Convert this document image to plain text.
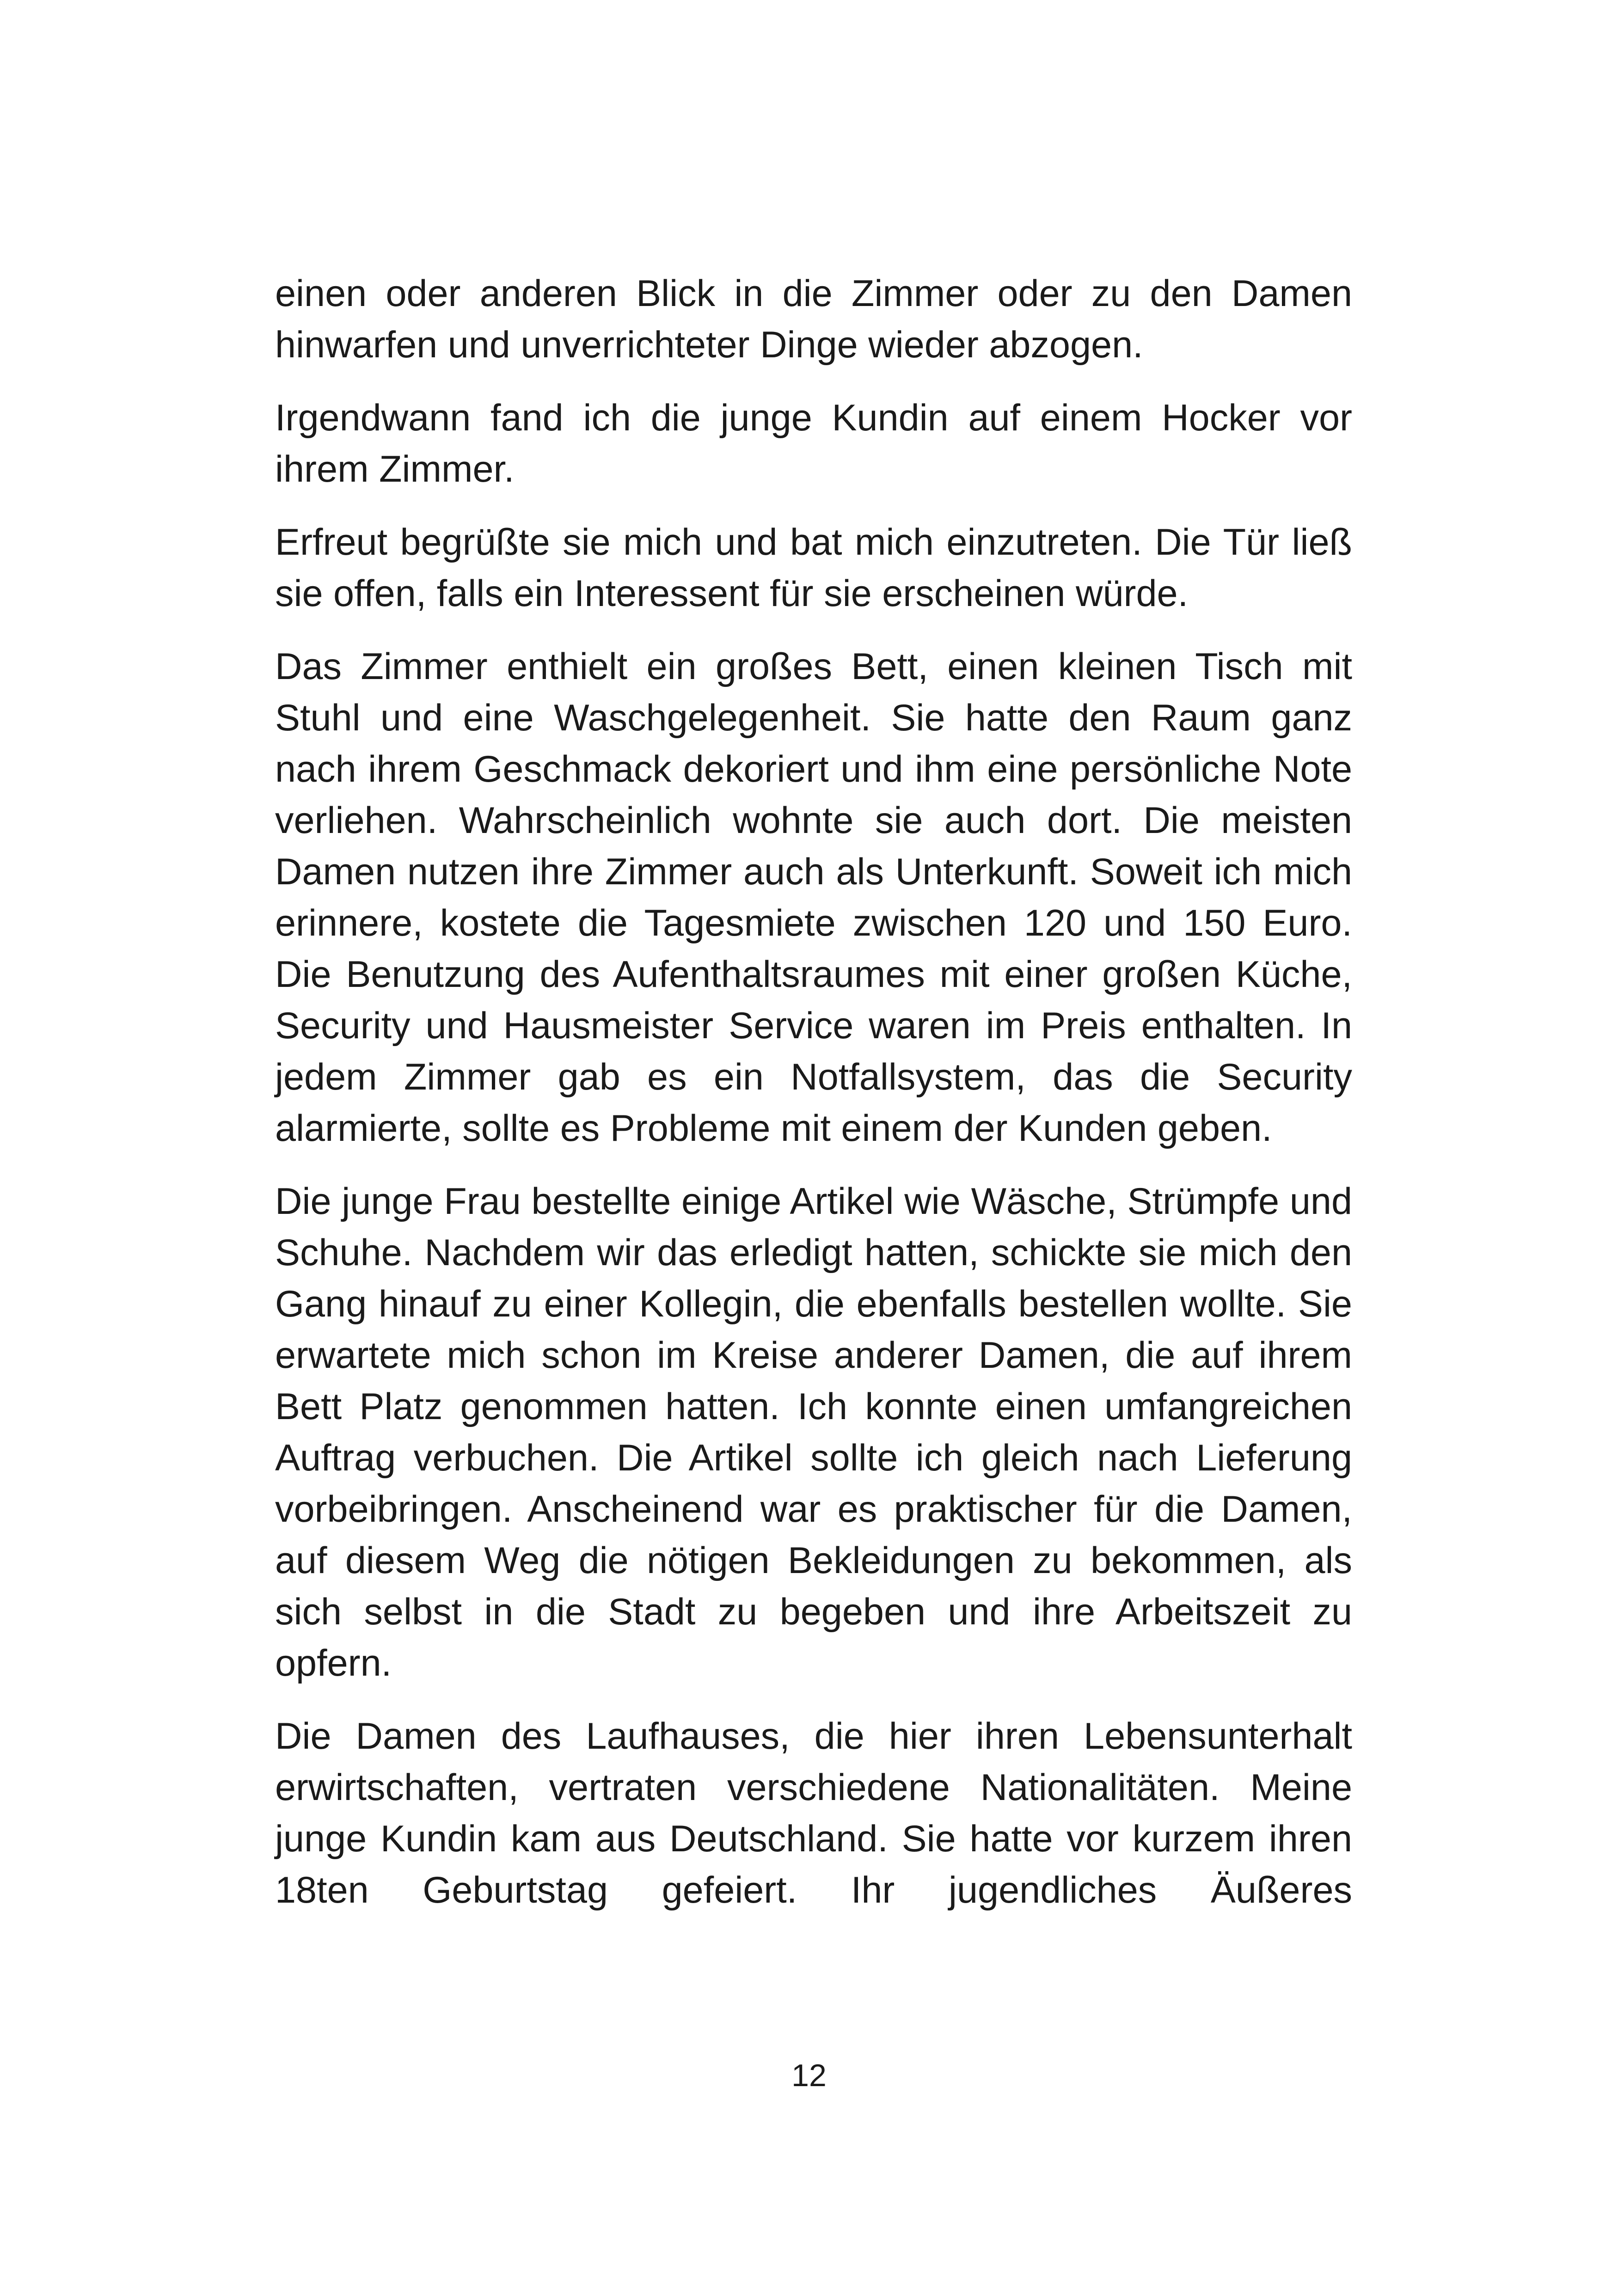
einen oder anderen Blick in die Zimmer oder zu den Damen hinwarfen und unverrichteter Dinge wieder abzogen.

Irgendwann fand ich die junge Kundin auf einem Hocker vor ihrem Zimmer.

Erfreut begrüßte sie mich und bat mich einzutreten. Die Tür ließ sie offen, falls ein Interessent für sie erscheinen würde.

Das Zimmer enthielt ein großes Bett, einen kleinen Tisch mit Stuhl und eine Waschgelegenheit. Sie hatte den Raum ganz nach ihrem Geschmack dekoriert und ihm eine persönliche Note verliehen. Wahrscheinlich wohnte sie auch dort. Die meisten Damen nutzen ihre Zimmer auch als Unterkunft. Soweit ich mich erinnere, kostete die Tagesmiete zwischen 120 und 150 Euro. Die Benutzung des Aufenthaltsraumes mit einer großen Küche, Security und Hausmeister Service waren im Preis enthalten. In jedem Zimmer gab es ein Notfallsystem, das die Security alarmierte, sollte es Probleme mit einem der Kunden geben.

Die junge Frau bestellte einige Artikel wie Wäsche, Strümpfe und Schuhe. Nachdem wir das erledigt hatten, schickte sie mich den Gang hinauf zu einer Kollegin, die ebenfalls bestellen wollte. Sie erwartete mich schon im Kreise anderer Damen, die auf ihrem Bett Platz genommen hatten. Ich konnte einen umfangreichen Auftrag verbuchen. Die Artikel sollte ich gleich nach Lieferung vorbeibringen. Anscheinend war es praktischer für die Damen, auf diesem Weg die nötigen Bekleidungen zu bekommen, als sich selbst in die Stadt zu begeben und ihre Arbeitszeit zu opfern.

Die Damen des Laufhauses, die hier ihren Lebensunterhalt erwirtschaften, vertraten verschiedene Nationalitäten. Meine junge Kundin kam aus Deutschland. Sie hatte vor kurzem ihren 18ten Geburtstag gefeiert. Ihr jugendliches Äußeres

12
